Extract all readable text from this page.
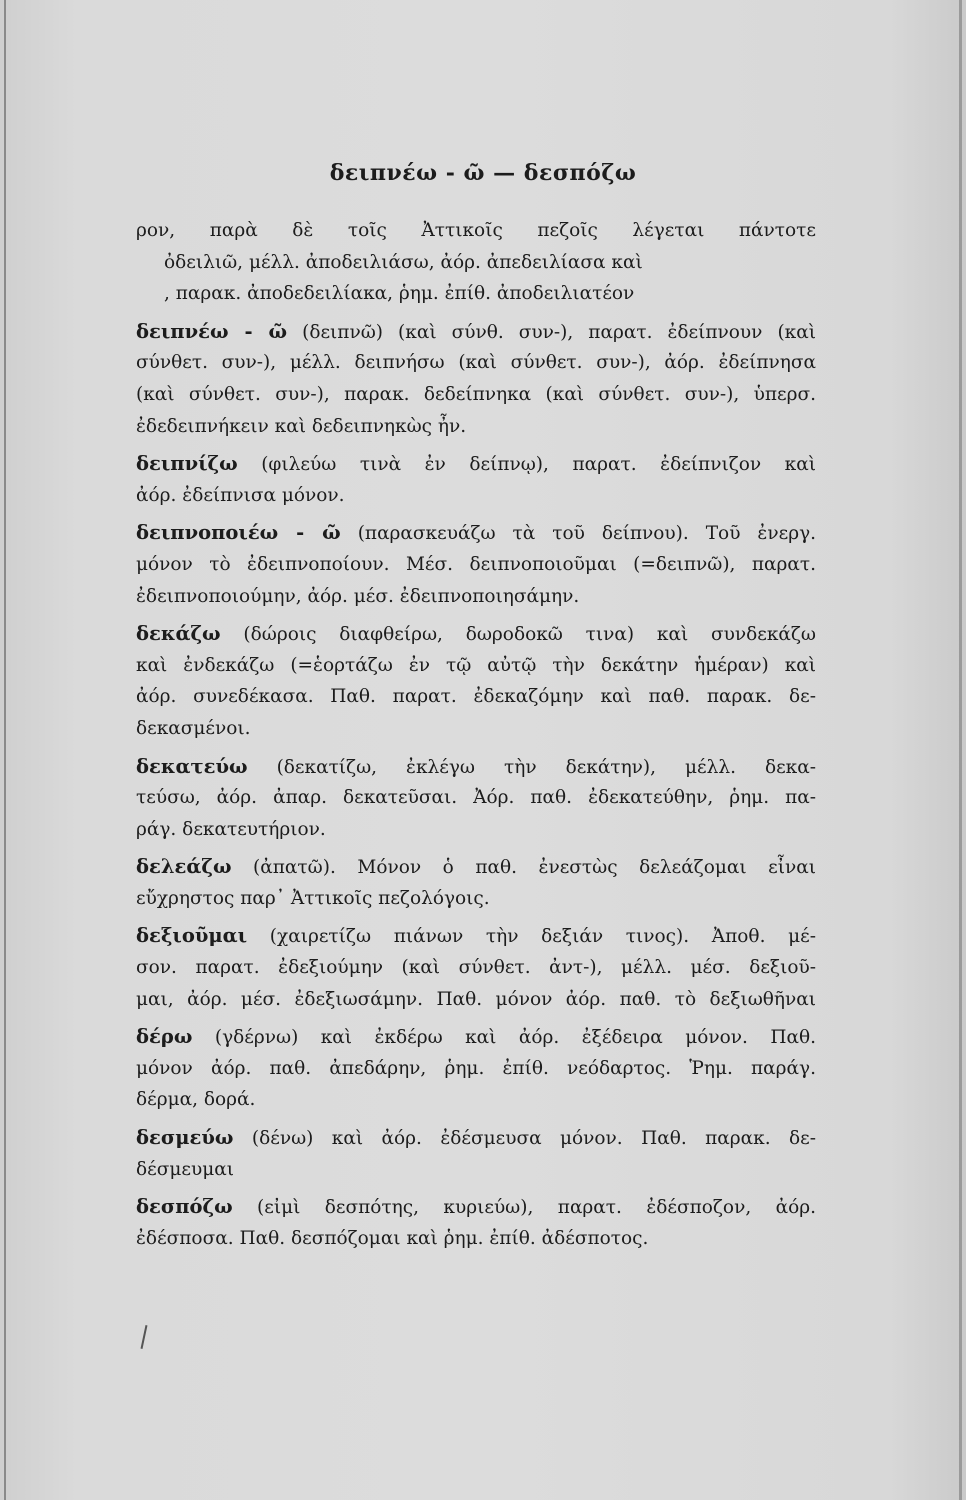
δειπνέω - ῶ — δεσπόζω
ρον, παρὰ δὲ τοῖς Ἀττικοῖς πεζοῖς λέγεται πάντοτε
ὀδειλιῶ, μέλλ. ἀποδειλιάσω, ἀόρ. ἀπεδειλίασα καὶ
, παρακ. ἀποδεδειλίακα, ῥημ. ἐπίθ. ἀποδειλιατέον
δειπνέω - ῶ (δειπνῶ) (καὶ σύνθ. συν-), παρατ. ἐδείπνουν (καὶ
σύνθετ. συν-), μέλλ. δειπνήσω (καὶ σύνθετ. συν-), ἀόρ. ἐδείπνησα
(καὶ σύνθετ. συν-), παρακ. δεδείπνηκα (καὶ σύνθετ. συν-), ὑπερσ.
ἐδεδειπνήκειν καὶ δεδειπνηκὼς ἦν.
δειπνίζω (φιλεύω τινὰ ἐν δείπνῳ), παρατ. ἐδείπνιζον καὶ
ἀόρ. ἐδείπνισα μόνον.
δειπνοποιέω - ῶ (παρασκευάζω τὰ τοῦ δείπνου). Τοῦ ἐνεργ.
μόνον τὸ ἐδειπνοποίουν. Μέσ. δειπνοποιοῦμαι (=δειπνῶ), παρατ.
ἐδειπνοποιούμην, ἀόρ. μέσ. ἐδειπνοποιησάμην.
δεκάζω (δώροις διαφθείρω, δωροδοκῶ τινα) καὶ συνδεκάζω
καὶ ἐνδεκάζω (=ἑορτάζω ἐν τῷ αὐτῷ τὴν δεκάτην ἡμέραν) καὶ
ἀόρ. συνεδέκασα. Παθ. παρατ. ἐδεκαζόμην καὶ παθ. παρακ. δε-
δεκασμένοι.
δεκατεύω (δεκατίζω, ἐκλέγω τὴν δεκάτην), μέλλ. δεκα-
τεύσω, ἀόρ. ἀπαρ. δεκατεῦσαι. Ἀόρ. παθ. ἐδεκατεύθην, ῥημ. πα-
ράγ. δεκατευτήριον.
δελεάζω (ἀπατῶ). Μόνον ὁ παθ. ἐνεστὼς δελεάζομαι εἶναι
εὔχρηστος παρ᾽ Ἀττικοῖς πεζολόγοις.
δεξιοῦμαι (χαιρετίζω πιάνων τὴν δεξιάν τινος). Ἀποθ. μέ-
σον. παρατ. ἐδεξιούμην (καὶ σύνθετ. ἀντ-), μέλλ. μέσ. δεξιοῦ-
μαι, ἀόρ. μέσ. ἐδεξιωσάμην. Παθ. μόνον ἀόρ. παθ. τὸ δεξιωθῆναι
δέρω (γδέρνω) καὶ ἐκδέρω καὶ ἀόρ. ἐξέδειρα μόνον. Παθ.
μόνον ἀόρ. παθ. ἀπεδάρην, ῥημ. ἐπίθ. νεόδαρτος. Ῥημ. παράγ.
δέρμα, δορά.
δεσμεύω (δένω) καὶ ἀόρ. ἐδέσμευσα μόνον. Παθ. παρακ. δε-
δέσμευμαι
δεσπόζω (εἰμὶ δεσπότης, κυριεύω), παρατ. ἐδέσποζον, ἀόρ.
ἐδέσποσα. Παθ. δεσπόζομαι καὶ ῥημ. ἐπίθ. ἀδέσποτος.
